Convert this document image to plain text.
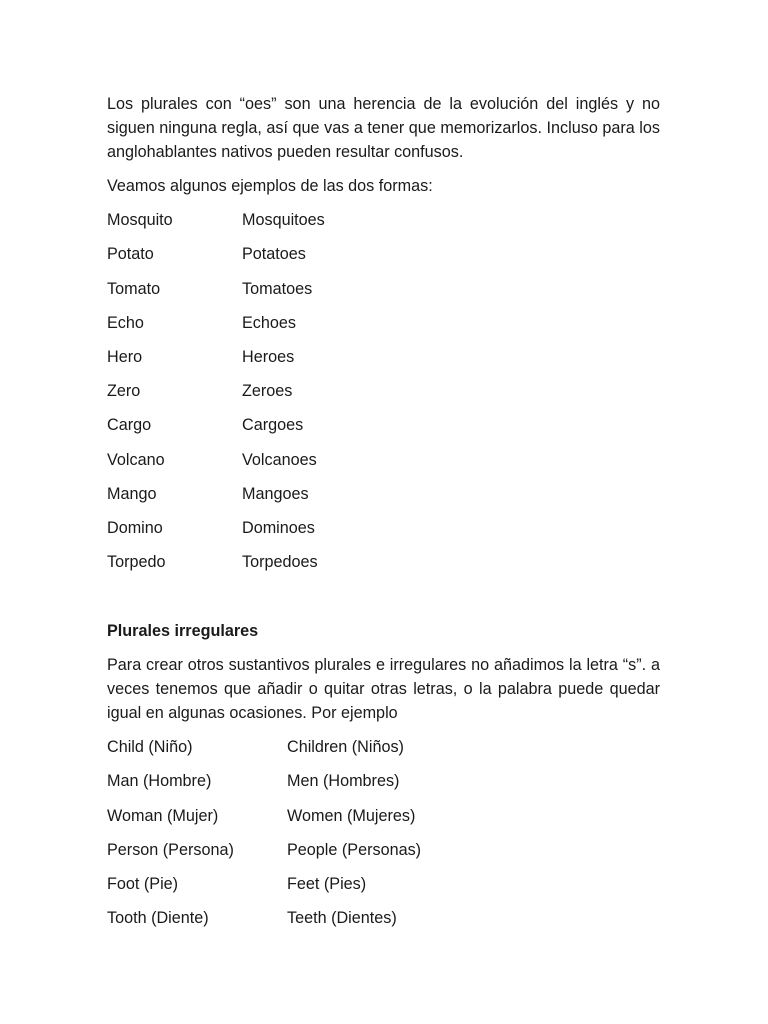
Los plurales con “oes” son una herencia de la evolución del inglés y no siguen ninguna regla, así que vas a tener que memorizarlos. Incluso para los anglohablantes nativos pueden resultar confusos.

Veamos algunos ejemplos de las dos formas:

Mosquito	Mosquitoes
Potato	Potatoes
Tomato	Tomatoes
Echo	Echoes
Hero	Heroes
Zero	Zeroes
Cargo	Cargoes
Volcano	Volcanoes
Mango	Mangoes
Domino	Dominoes
Torpedo	Torpedoes

Plurales irregulares

Para crear otros sustantivos plurales e irregulares no añadimos la letra “s”. a veces tenemos que añadir o quitar otras letras, o la palabra puede quedar igual en algunas ocasiones. Por ejemplo

Child (Niño)	Children (Niños)
Man (Hombre)	Men (Hombres)
Woman (Mujer)	Women (Mujeres)
Person (Persona)	People (Personas)
Foot (Pie)	Feet (Pies)
Tooth (Diente)	Teeth (Dientes)
